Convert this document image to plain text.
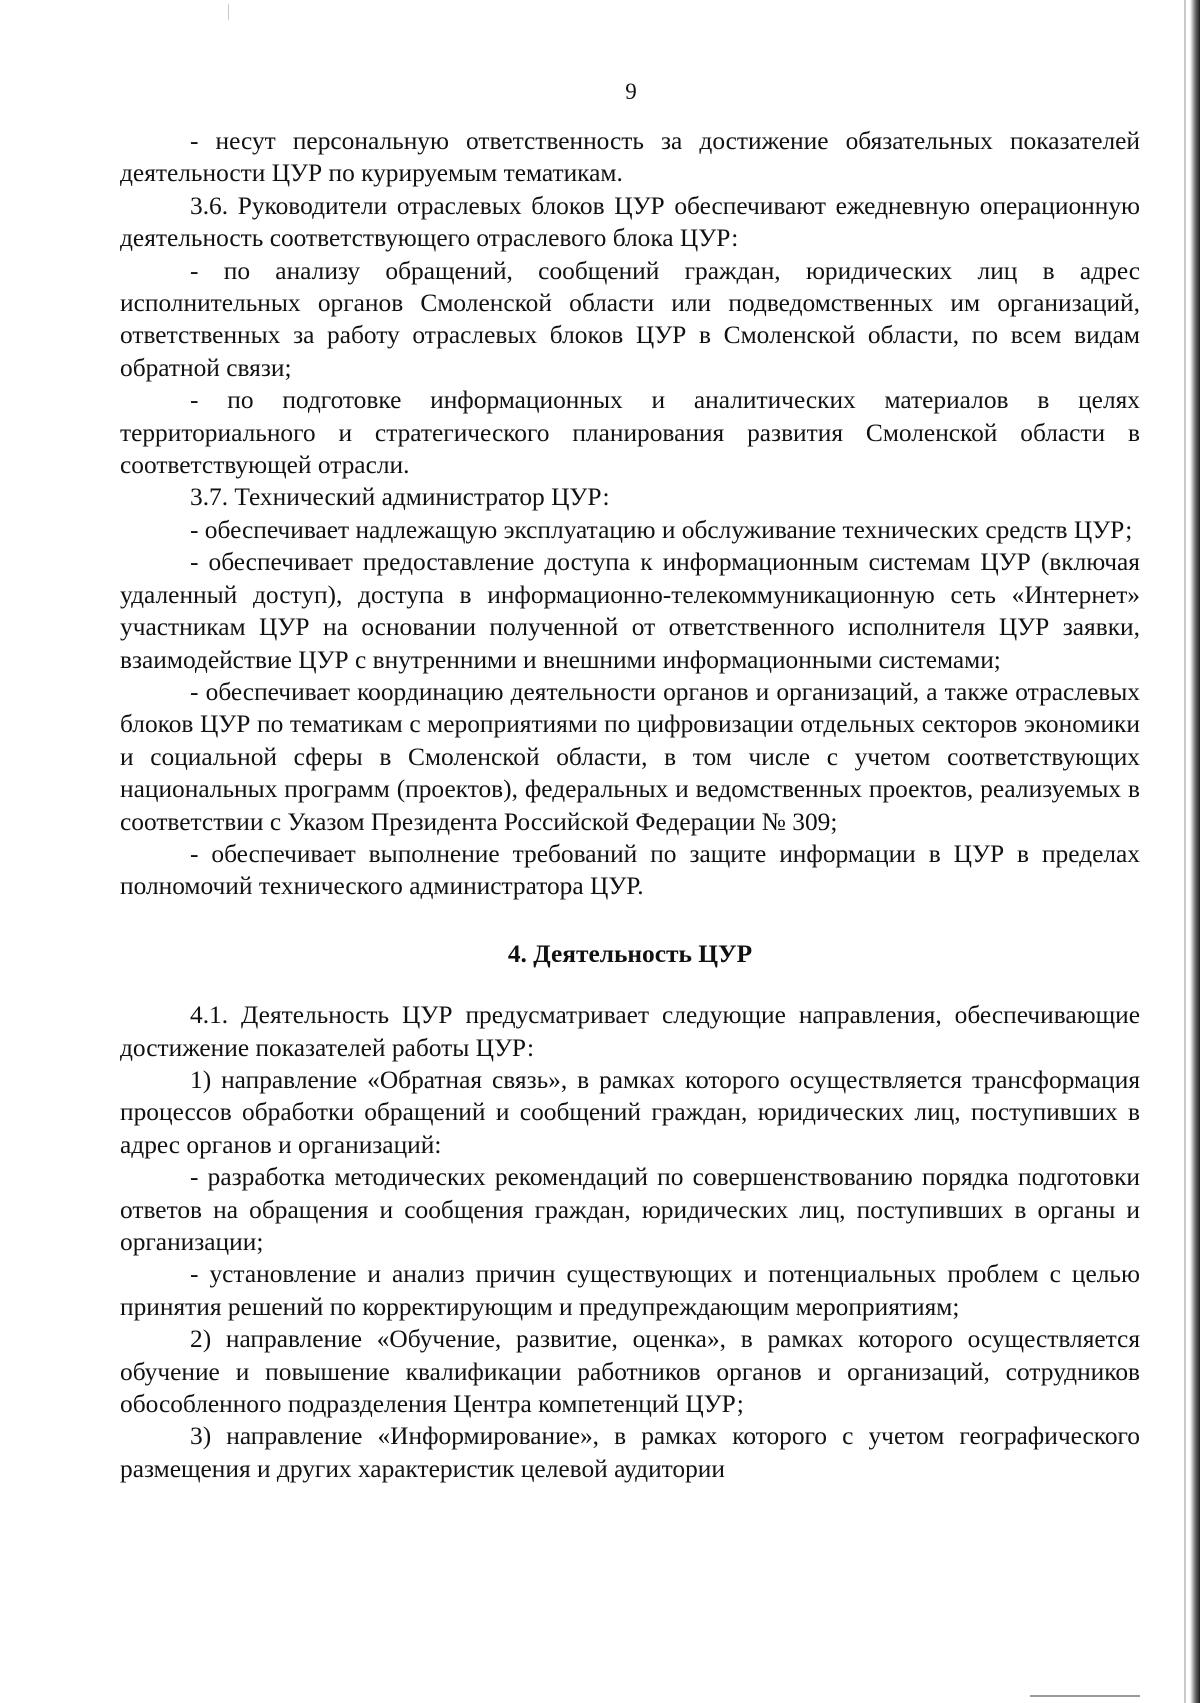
9

- несут персональную ответственность за достижение обязательных показателей деятельности ЦУР по курируемым тематикам.

3.6. Руководители отраслевых блоков ЦУР обеспечивают ежедневную операционную деятельность соответствующего отраслевого блока ЦУР:

- по анализу обращений, сообщений граждан, юридических лиц в адрес исполнительных органов Смоленской области или подведомственных им организаций, ответственных за работу отраслевых блоков ЦУР в Смоленской области, по всем видам обратной связи;

- по подготовке информационных и аналитических материалов в целях территориального и стратегического планирования развития Смоленской области в соответствующей отрасли.

3.7. Технический администратор ЦУР:

- обеспечивает надлежащую эксплуатацию и обслуживание технических средств ЦУР;

- обеспечивает предоставление доступа к информационным системам ЦУР (включая удаленный доступ), доступа в информационно-телекоммуникационную сеть «Интернет» участникам ЦУР на основании полученной от ответственного исполнителя ЦУР заявки, взаимодействие ЦУР с внутренними и внешними информационными системами;

- обеспечивает координацию деятельности органов и организаций, а также отраслевых блоков ЦУР по тематикам с мероприятиями по цифровизации отдельных секторов экономики и социальной сферы в Смоленской области, в том числе с учетом соответствующих национальных программ (проектов), федеральных и ведомственных проектов, реализуемых в соответствии с Указом Президента Российской Федерации № 309;

- обеспечивает выполнение требований по защите информации в ЦУР в пределах полномочий технического администратора ЦУР.

4. Деятельность ЦУР

4.1. Деятельность ЦУР предусматривает следующие направления, обеспечивающие достижение показателей работы ЦУР:

1) направление «Обратная связь», в рамках которого осуществляется трансформация процессов обработки обращений и сообщений граждан, юридических лиц, поступивших в адрес органов и организаций:

- разработка методических рекомендаций по совершенствованию порядка подготовки ответов на обращения и сообщения граждан, юридических лиц, поступивших в органы и организации;

- установление и анализ причин существующих и потенциальных проблем с целью принятия решений по корректирующим и предупреждающим мероприятиям;

2) направление «Обучение, развитие, оценка», в рамках которого осуществляется обучение и повышение квалификации работников органов и организаций, сотрудников обособленного подразделения Центра компетенций ЦУР;

3) направление «Информирование», в рамках которого с учетом географического размещения и других характеристик целевой аудитории
